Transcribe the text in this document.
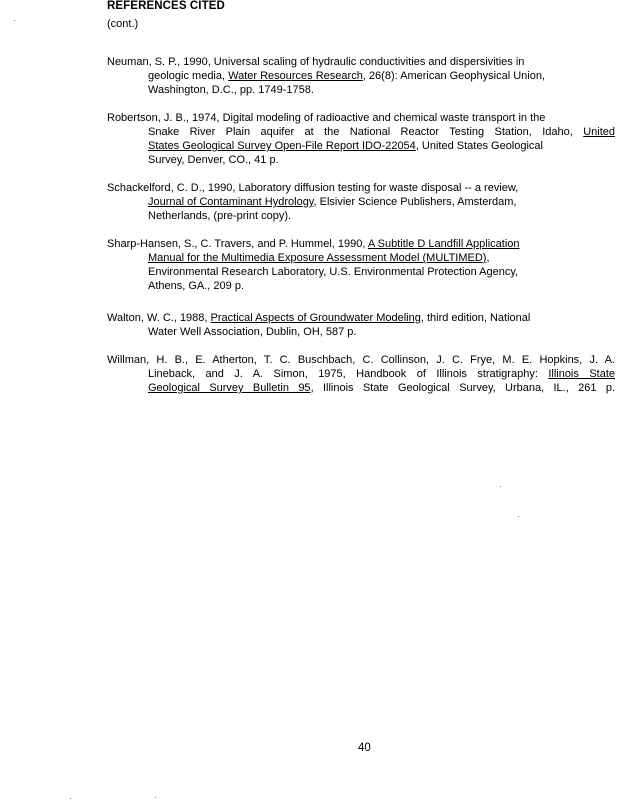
REFERENCES CITED
(cont.)
Neuman, S. P., 1990, Universal scaling of hydraulic conductivities and dispersivities in
geologic media, Water Resources Research, 26(8): American Geophysical Union,
Washington, D.C., pp. 1749-1758.
Robertson, J. B., 1974, Digital modeling of radioactive and chemical waste transport in the
Snake River Plain aquifer at the National Reactor Testing Station, Idaho, United
States Geological Survey Open-File Report IDO-22054, United States Geological
Survey, Denver, CO., 41 p.
Schackelford, C. D., 1990, Laboratory diffusion testing for waste disposal -- a review,
Journal of Contaminant Hydrology, Elsivier Science Publishers, Amsterdam,
Netherlands, (pre-print copy).
Sharp-Hansen, S., C. Travers, and P. Hummel, 1990, A Subtitle D Landfill Application
Manual for the Multimedia Exposure Assessment Model (MULTIMED),
Environmental Research Laboratory, U.S. Environmental Protection Agency,
Athens, GA., 209 p.
Walton, W. C., 1988, Practical Aspects of Groundwater Modeling, third edition, National
Water Well Association, Dublin, OH, 587 p.
Willman, H. B., E. Atherton, T. C. Buschbach, C. Collinson, J. C. Frye, M. E. Hopkins, J. A.
Lineback, and J. A. Simon, 1975, Handbook of Illinois stratigraphy: Illinois State
Geological Survey Bulletin 95, Illinois State Geological Survey, Urbana, IL., 261 p.
40
